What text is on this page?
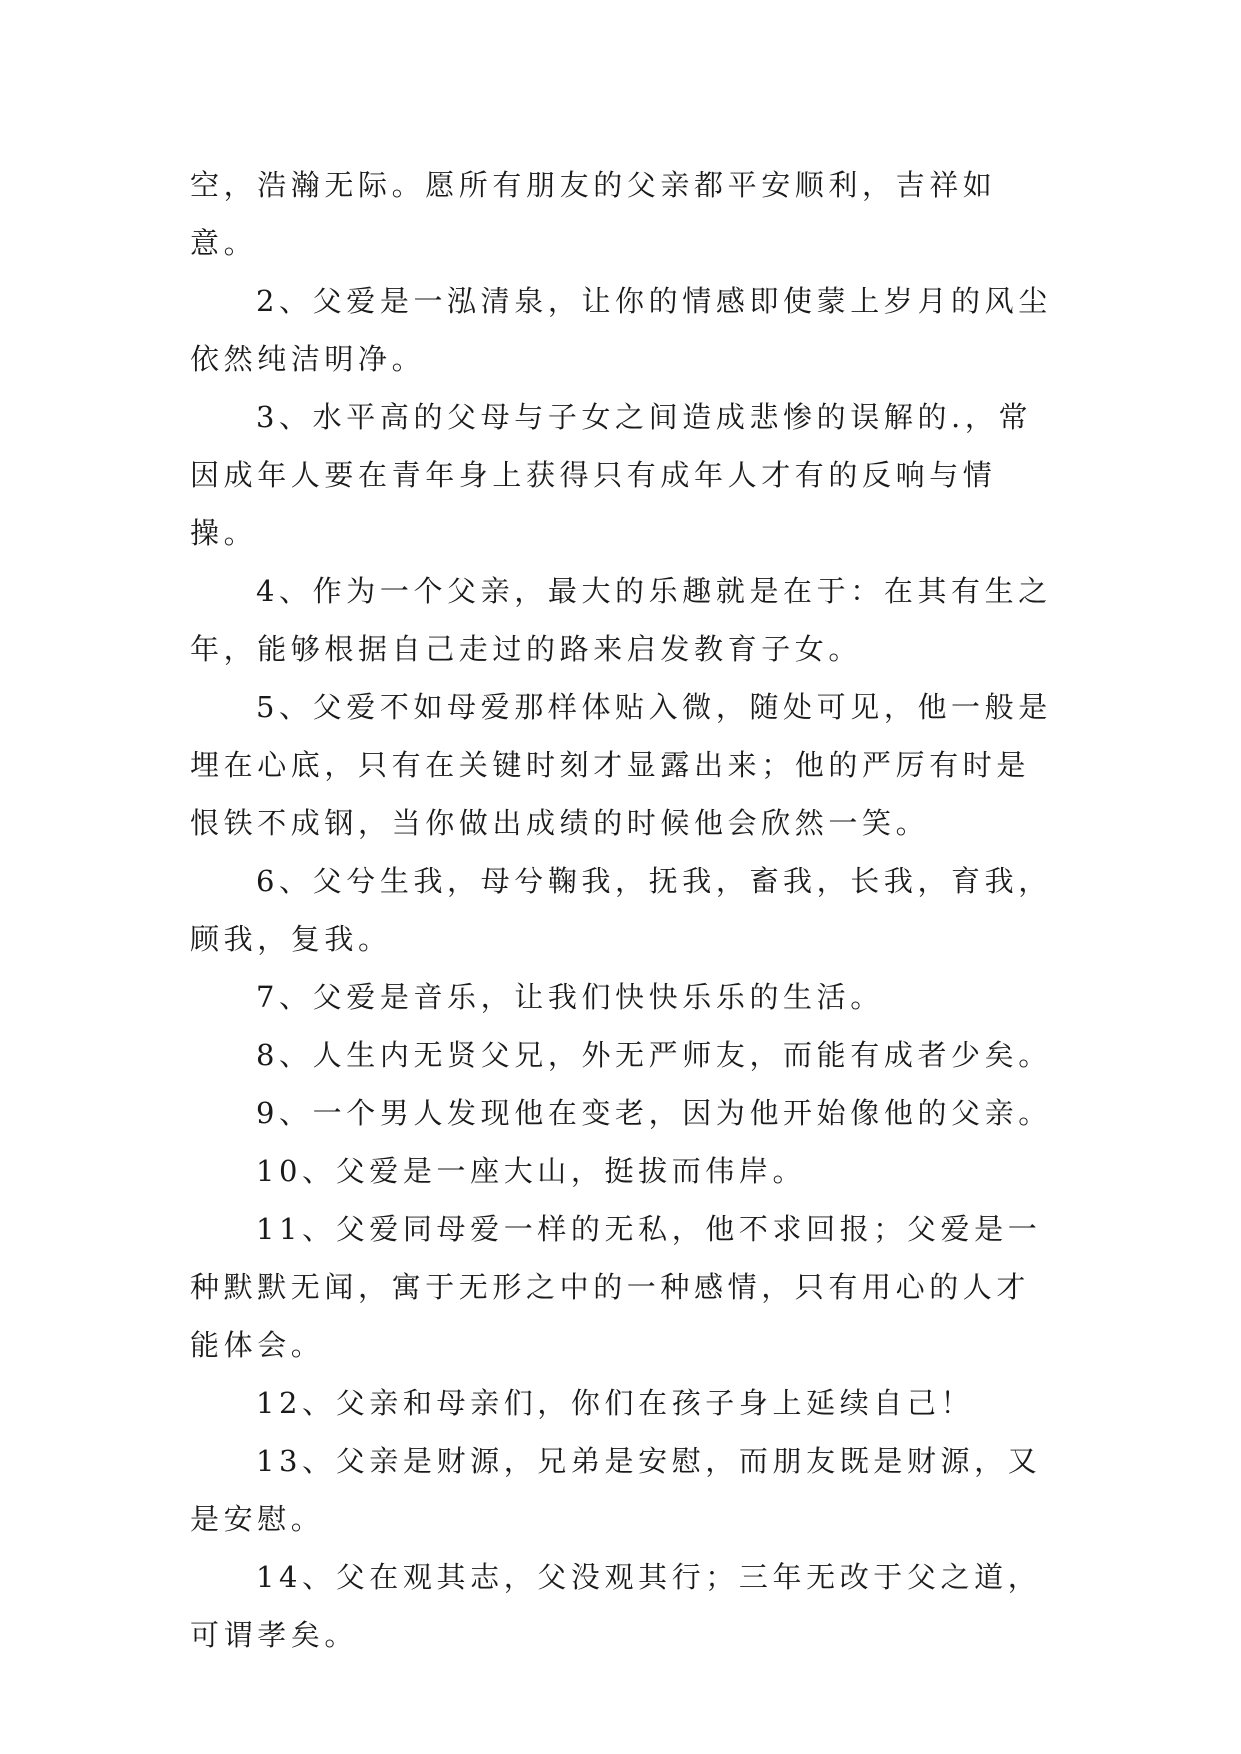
空，浩瀚无际。愿所有朋友的父亲都平安顺利，吉祥如意。

2、父爱是一泓清泉，让你的情感即使蒙上岁月的风尘依然纯洁明净。

3、水平高的父母与子女之间造成悲惨的误解的.，常因成年人要在青年身上获得只有成年人才有的反响与情操。

4、作为一个父亲，最大的乐趣就是在于：在其有生之年，能够根据自己走过的路来启发教育子女。

5、父爱不如母爱那样体贴入微，随处可见，他一般是埋在心底，只有在关键时刻才显露出来；他的严厉有时是恨铁不成钢，当你做出成绩的时候他会欣然一笑。

6、父兮生我，母兮鞠我，抚我，畜我，长我，育我，顾我，复我。

7、父爱是音乐，让我们快快乐乐的生活。

8、人生内无贤父兄，外无严师友，而能有成者少矣。

9、一个男人发现他在变老，因为他开始像他的父亲。

10、父爱是一座大山，挺拔而伟岸。

11、父爱同母爱一样的无私，他不求回报；父爱是一种默默无闻，寓于无形之中的一种感情，只有用心的人才能体会。

12、父亲和母亲们，你们在孩子身上延续自己！

13、父亲是财源，兄弟是安慰，而朋友既是财源，又是安慰。

14、父在观其志，父没观其行；三年无改于父之道，可谓孝矣。
